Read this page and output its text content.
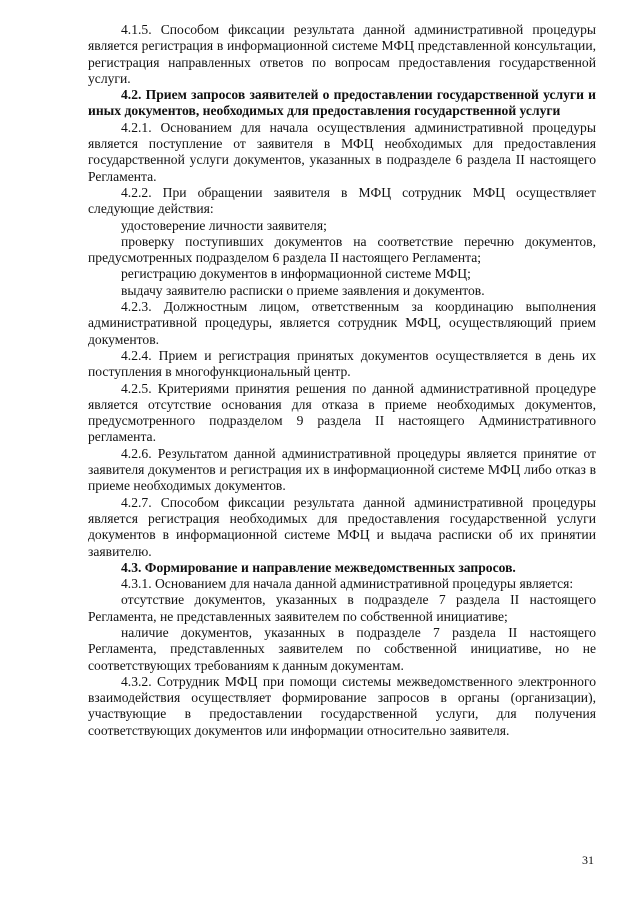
4.1.5. Способом фиксации результата данной административной процедуры является регистрация в информационной системе МФЦ представленной консультации, регистрация направленных ответов по вопросам предоставления государственной услуги.

4.2. Прием запросов заявителей о предоставлении государственной услуги и иных документов, необходимых для предоставления государственной услуги

4.2.1. Основанием для начала осуществления административной процедуры является поступление от заявителя в МФЦ необходимых для предоставления государственной услуги документов, указанных в подразделе 6 раздела II настоящего Регламента.

4.2.2. При обращении заявителя в МФЦ сотрудник МФЦ осуществляет следующие действия:

удостоверение личности заявителя;

проверку поступивших документов на соответствие перечню документов, предусмотренных подразделом 6 раздела II настоящего Регламента;

регистрацию документов в информационной системе МФЦ;

выдачу заявителю расписки о приеме заявления и документов.

4.2.3. Должностным лицом, ответственным за координацию выполнения административной процедуры, является сотрудник МФЦ, осуществляющий прием документов.

4.2.4. Прием и регистрация принятых документов осуществляется в день их поступления в многофункциональный центр.

4.2.5. Критериями принятия решения по данной административной процедуре является отсутствие основания для отказа в приеме необходимых документов, предусмотренного подразделом 9 раздела II настоящего Административного регламента.

4.2.6. Результатом данной административной процедуры является принятие от заявителя документов и регистрация их в информационной системе МФЦ либо отказ в приеме необходимых документов.

4.2.7. Способом фиксации результата данной административной процедуры является регистрация необходимых для предоставления государственной услуги документов в информационной системе МФЦ и выдача расписки об их принятии заявителю.

4.3. Формирование и направление межведомственных запросов.

4.3.1. Основанием для начала данной административной процедуры является:

отсутствие документов, указанных в подразделе 7 раздела II настоящего Регламента, не представленных заявителем по собственной инициативе;

наличие документов, указанных в подразделе 7 раздела II настоящего Регламента, представленных заявителем по собственной инициативе, но не соответствующих требованиям к данным документам.

4.3.2. Сотрудник МФЦ при помощи системы межведомственного электронного взаимодействия осуществляет формирование запросов в органы (организации), участвующие в предоставлении государственной услуги, для получения соответствующих документов или информации относительно заявителя.

31
